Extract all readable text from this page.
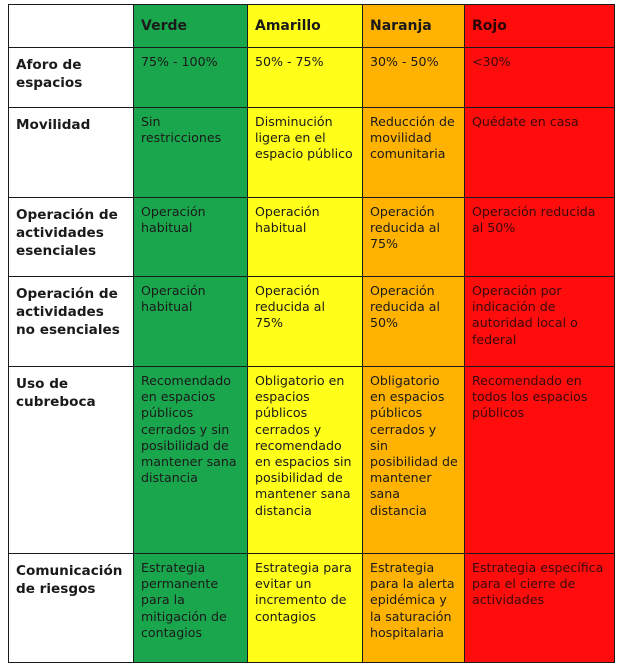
	Verde	Amarillo	Naranja	Rojo

Aforo de espacios	75% - 100%	50% - 75%	30% - 50%	<30%

Movilidad	Sin restricciones	Disminución ligera en el espacio público	Reducción de movilidad comunitaria	Quédate en casa

Operación de actividades esenciales	Operación habitual	Operación habitual	Operación reducida al 75%	Operación reducida al 50%

Operación de actividades no esenciales	Operación habitual	Operación reducida al 75%	Operación reducida al 50%	Operación por indicación de autoridad local o federal

Uso de cubreboca	Recomendado en espacios públicos cerrados y sin posibilidad de mantener sana distancia	Obligatorio en espacios públicos cerrados y recomendado en espacios sin posibilidad de mantener sana distancia	Obligatorio en espacios públicos cerrados y sin posibilidad de mantener sana distancia	Recomendado en todos los espacios públicos

Comunicación de riesgos	Estrategia permanente para la mitigación de contagios	Estrategia para evitar un incremento de contagios	Estrategia para la alerta epidémica y la saturación hospitalaria	Estrategia específica para el cierre de actividades
